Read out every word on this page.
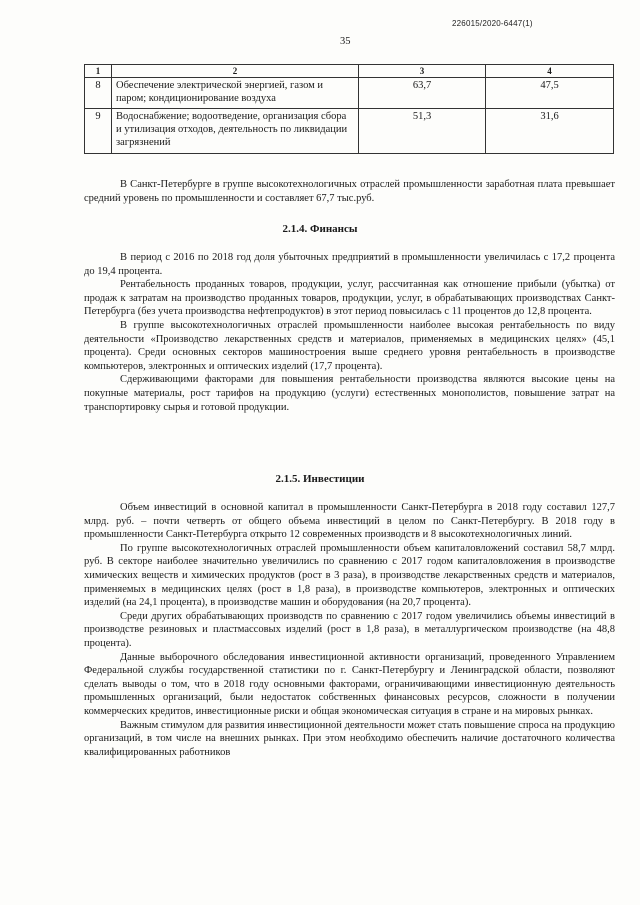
226015/2020-6447(1)
35
1	2	3	4
8	Обеспечение электрической энергией, газом и паром; кондиционирование воздуха	63,7	47,5
9	Водоснабжение; водоотведение, организация сбора и утилизация отходов, деятельность по ликвидации загрязнений	51,3	31,6

В Санкт-Петербурге в группе высокотехнологичных отраслей промышленности заработная плата превышает средний уровень по промышленности и составляет 67,7 тыс.руб.

2.1.4. Финансы

В период с 2016 по 2018 год доля убыточных предприятий в промышленности увеличилась с 17,2 процента до 19,4 процента.

Рентабельность проданных товаров, продукции, услуг, рассчитанная как отношение прибыли (убытка) от продаж к затратам на производство проданных товаров, продукции, услуг, в обрабатывающих производствах Санкт-Петербурга (без учета производства нефтепродуктов) в этот период повысилась с 11 процентов до 12,8 процента.

В группе высокотехнологичных отраслей промышленности наиболее высокая рентабельность по виду деятельности «Производство лекарственных средств и материалов, применяемых в медицинских целях» (45,1 процента). Среди основных секторов машиностроения выше среднего уровня рентабельность в производстве компьютеров, электронных и оптических изделий (17,7 процента).

Сдерживающими факторами для повышения рентабельности производства являются высокие цены на покупные материалы, рост тарифов на продукцию (услуги) естественных монополистов, повышение затрат на транспортировку сырья и готовой продукции.

2.1.5. Инвестиции

Объем инвестиций в основной капитал в промышленности Санкт-Петербурга в 2018 году составил 127,7 млрд. руб. – почти четверть от общего объема инвестиций в целом по Санкт-Петербургу. В 2018 году в промышленности Санкт-Петербурга открыто 12 современных производств и 8 высокотехнологичных линий.

По группе высокотехнологичных отраслей промышленности объем капиталовложений составил 58,7 млрд. руб. В секторе наиболее значительно увеличились по сравнению с 2017 годом капиталовложения в производстве химических веществ и химических продуктов (рост в 3 раза), в производстве лекарственных средств и материалов, применяемых в медицинских целях (рост в 1,8 раза), в производстве компьютеров, электронных и оптических изделий (на 24,1 процента), в производстве машин и оборудования (на 20,7 процента).

Среди других обрабатывающих производств по сравнению с 2017 годом увеличились объемы инвестиций в производстве резиновых и пластмассовых изделий (рост в 1,8 раза), в металлургическом производстве (на 48,8 процента).

Данные выборочного обследования инвестиционной активности организаций, проведенного Управлением Федеральной службы государственной статистики по г. Санкт-Петербургу и Ленинградской области, позволяют сделать выводы о том, что в 2018 году основными факторами, ограничивающими инвестиционную деятельность промышленных организаций, были недостаток собственных финансовых ресурсов, сложности в получении коммерческих кредитов, инвестиционные риски и общая экономическая ситуация в стране и на мировых рынках.

Важным стимулом для развития инвестиционной деятельности может стать повышение спроса на продукцию организаций, в том числе на внешних рынках. При этом необходимо обеспечить наличие достаточного количества квалифицированных работников
